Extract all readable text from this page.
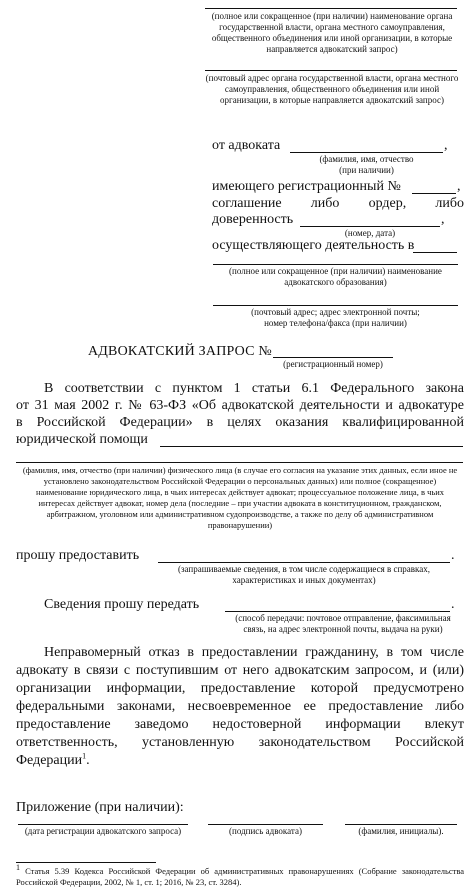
(полное или сокращенное (при наличии) наименование органа государственной власти, органа местного самоуправления, общественного объединения или иной организации, в которые направляется адвокатский запрос)
(почтовый адрес органа государственной власти, органа местного самоуправления, общественного объединения или иной организации, в которые направляется адвокатский запрос)
от адвоката	,
(фамилия, имя, отчество
(при наличии)
имеющего регистрационный №	,
соглашение либо ордер, либо
доверенность	,
(номер, дата)
осуществляющего деятельность в
(полное или сокращенное (при наличии) наименование адвокатского образования)
(почтовый адрес; адрес электронной почты;
номер телефона/факса (при наличии)
АДВОКАТСКИЙ ЗАПРОС №
(регистрационный номер)
В соответствии с пунктом 1 статьи 6.1 Федерального закона
от 31 мая 2002 г. № 63-ФЗ «Об адвокатской деятельности и адвокатуре
в Российской Федерации» в целях оказания квалифицированной
юридической помощи
(фамилия, имя, отчество (при наличии) физического лица (в случае его согласия на указание этих данных, если иное не установлено законодательством Российской Федерации о персональных данных) или полное (сокращенное) наименование юридического лица, в чьих интересах действует адвокат; процессуальное положение лица, в чьих интересах действует адвокат, номер дела (последние – при участии адвоката в конституционном, гражданском, арбитражном, уголовном или административном судопроизводстве, а также по делу об административном правонарушении)
прошу предоставить	.
(запрашиваемые сведения, в том числе содержащиеся в справках,
характеристиках и иных документах)
Сведения прошу передать	.
(способ передачи: почтовое отправление, факсимильная
связь, на адрес электронной почты, выдача на руки)
Неправомерный отказ в предоставлении гражданину, в том числе
адвокату в связи с поступившим от него адвокатским запросом, и (или)
организации информации, предоставление которой предусмотрено
федеральными законами, несвоевременное ее предоставление либо
предоставление заведомо недостоверной информации влекут
ответственность, установленную законодательством Российской
Федерации$^1$.
Приложение (при наличии):
(дата регистрации адвокатского запроса)	(подпись адвоката)	(фамилия, инициалы).
$^1$ Статья 5.39 Кодекса Российской Федерации об административных правонарушениях (Собрание законодательства Российской Федерации, 2002, № 1, ст. 1; 2016, № 23, ст. 3284).
